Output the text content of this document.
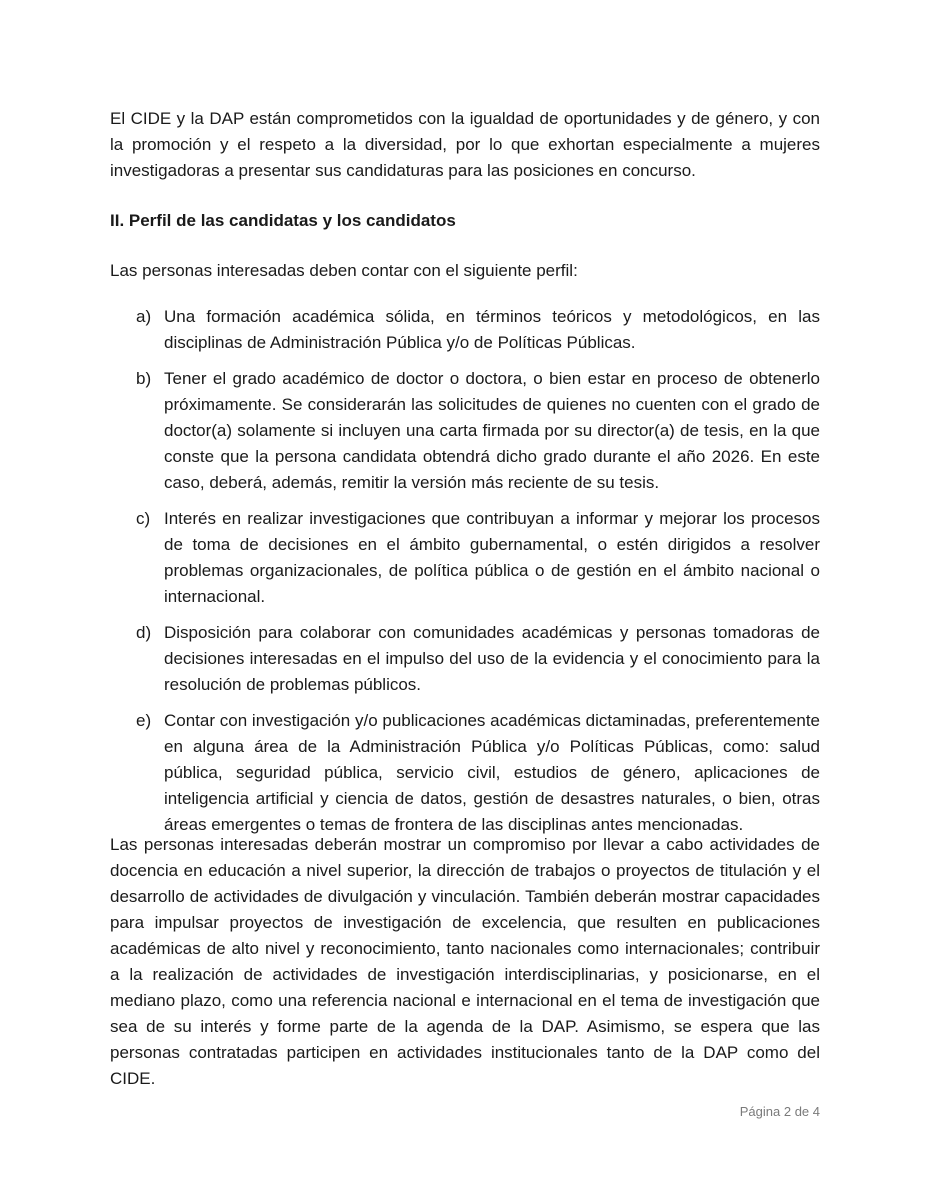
El CIDE y la DAP están comprometidos con la igualdad de oportunidades y de género, y con la promoción y el respeto a la diversidad, por lo que exhortan especialmente a mujeres investigadoras a presentar sus candidaturas para las posiciones en concurso.

II. Perfil de las candidatas y los candidatos

Las personas interesadas deben contar con el siguiente perfil:

a) Una formación académica sólida, en términos teóricos y metodológicos, en las disciplinas de Administración Pública y/o de Políticas Públicas.
b) Tener el grado académico de doctor o doctora, o bien estar en proceso de obtenerlo próximamente. Se considerarán las solicitudes de quienes no cuenten con el grado de doctor(a) solamente si incluyen una carta firmada por su director(a) de tesis, en la que conste que la persona candidata obtendrá dicho grado durante el año 2026. En este caso, deberá, además, remitir la versión más reciente de su tesis.
c) Interés en realizar investigaciones que contribuyan a informar y mejorar los procesos de toma de decisiones en el ámbito gubernamental, o estén dirigidos a resolver problemas organizacionales, de política pública o de gestión en el ámbito nacional o internacional.
d) Disposición para colaborar con comunidades académicas y personas tomadoras de decisiones interesadas en el impulso del uso de la evidencia y el conocimiento para la resolución de problemas públicos.
e) Contar con investigación y/o publicaciones académicas dictaminadas, preferentemente en alguna área de la Administración Pública y/o Políticas Públicas, como: salud pública, seguridad pública, servicio civil, estudios de género, aplicaciones de inteligencia artificial y ciencia de datos, gestión de desastres naturales, o bien, otras áreas emergentes o temas de frontera de las disciplinas antes mencionadas.

Las personas interesadas deberán mostrar un compromiso por llevar a cabo actividades de docencia en educación a nivel superior, la dirección de trabajos o proyectos de titulación y el desarrollo de actividades de divulgación y vinculación. También deberán mostrar capacidades para impulsar proyectos de investigación de excelencia, que resulten en publicaciones académicas de alto nivel y reconocimiento, tanto nacionales como internacionales; contribuir a la realización de actividades de investigación interdisciplinarias, y posicionarse, en el mediano plazo, como una referencia nacional e internacional en el tema de investigación que sea de su interés y forme parte de la agenda de la DAP. Asimismo, se espera que las personas contratadas participen en actividades institucionales tanto de la DAP como del CIDE.

Página 2 de 4
